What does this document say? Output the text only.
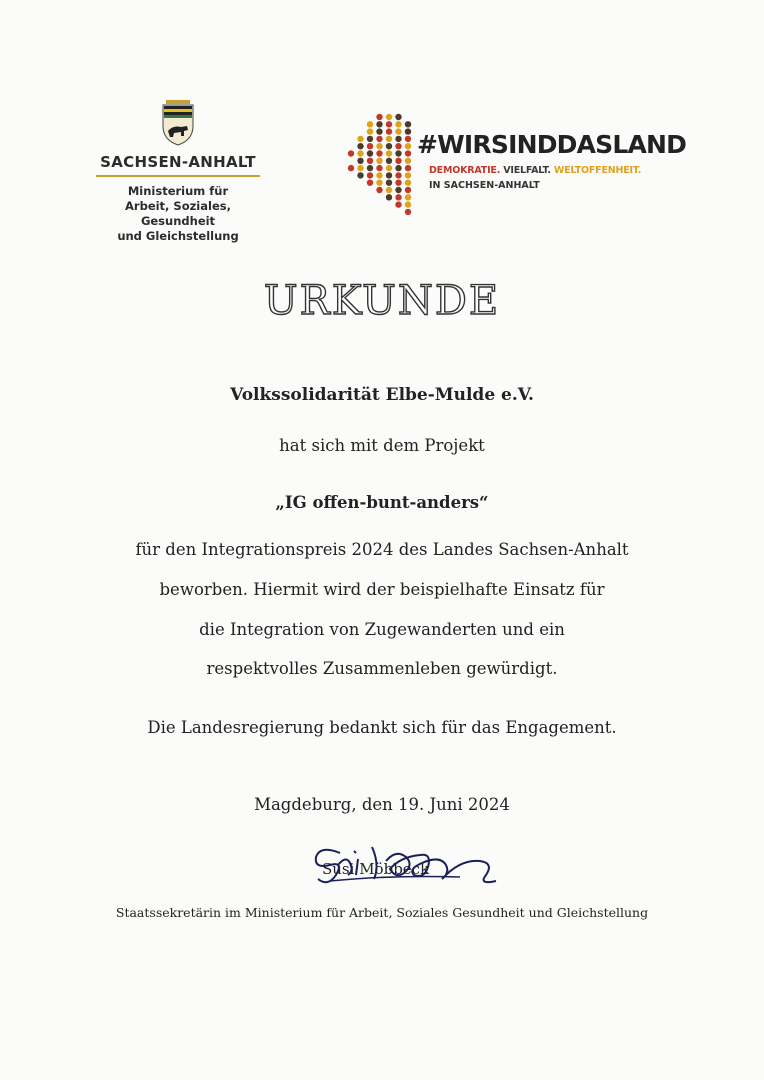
SACHSEN-ANHALT
Ministerium für
Arbeit, Soziales, Gesundheit
und Gleichstellung
#WIRSINDDASLAND
DEMOKRATIE. VIELFALT. WELTOFFENHEIT.
IN SACHSEN-ANHALT
URKUNDE
Volkssolidarität Elbe-Mulde e.V.
hat sich mit dem Projekt
„IG offen-bunt-anders“
für den Integrationspreis 2024 des Landes Sachsen-Anhalt
beworben. Hiermit wird der beispielhafte Einsatz für
die Integration von Zugewanderten und ein
respektvolles Zusammenleben gewürdigt.
Die Landesregierung bedankt sich für das Engagement.
Magdeburg, den 19. Juni 2024
Susi Möbbeck
Staatssekretärin im Ministerium für Arbeit, Soziales Gesundheit und Gleichstellung
